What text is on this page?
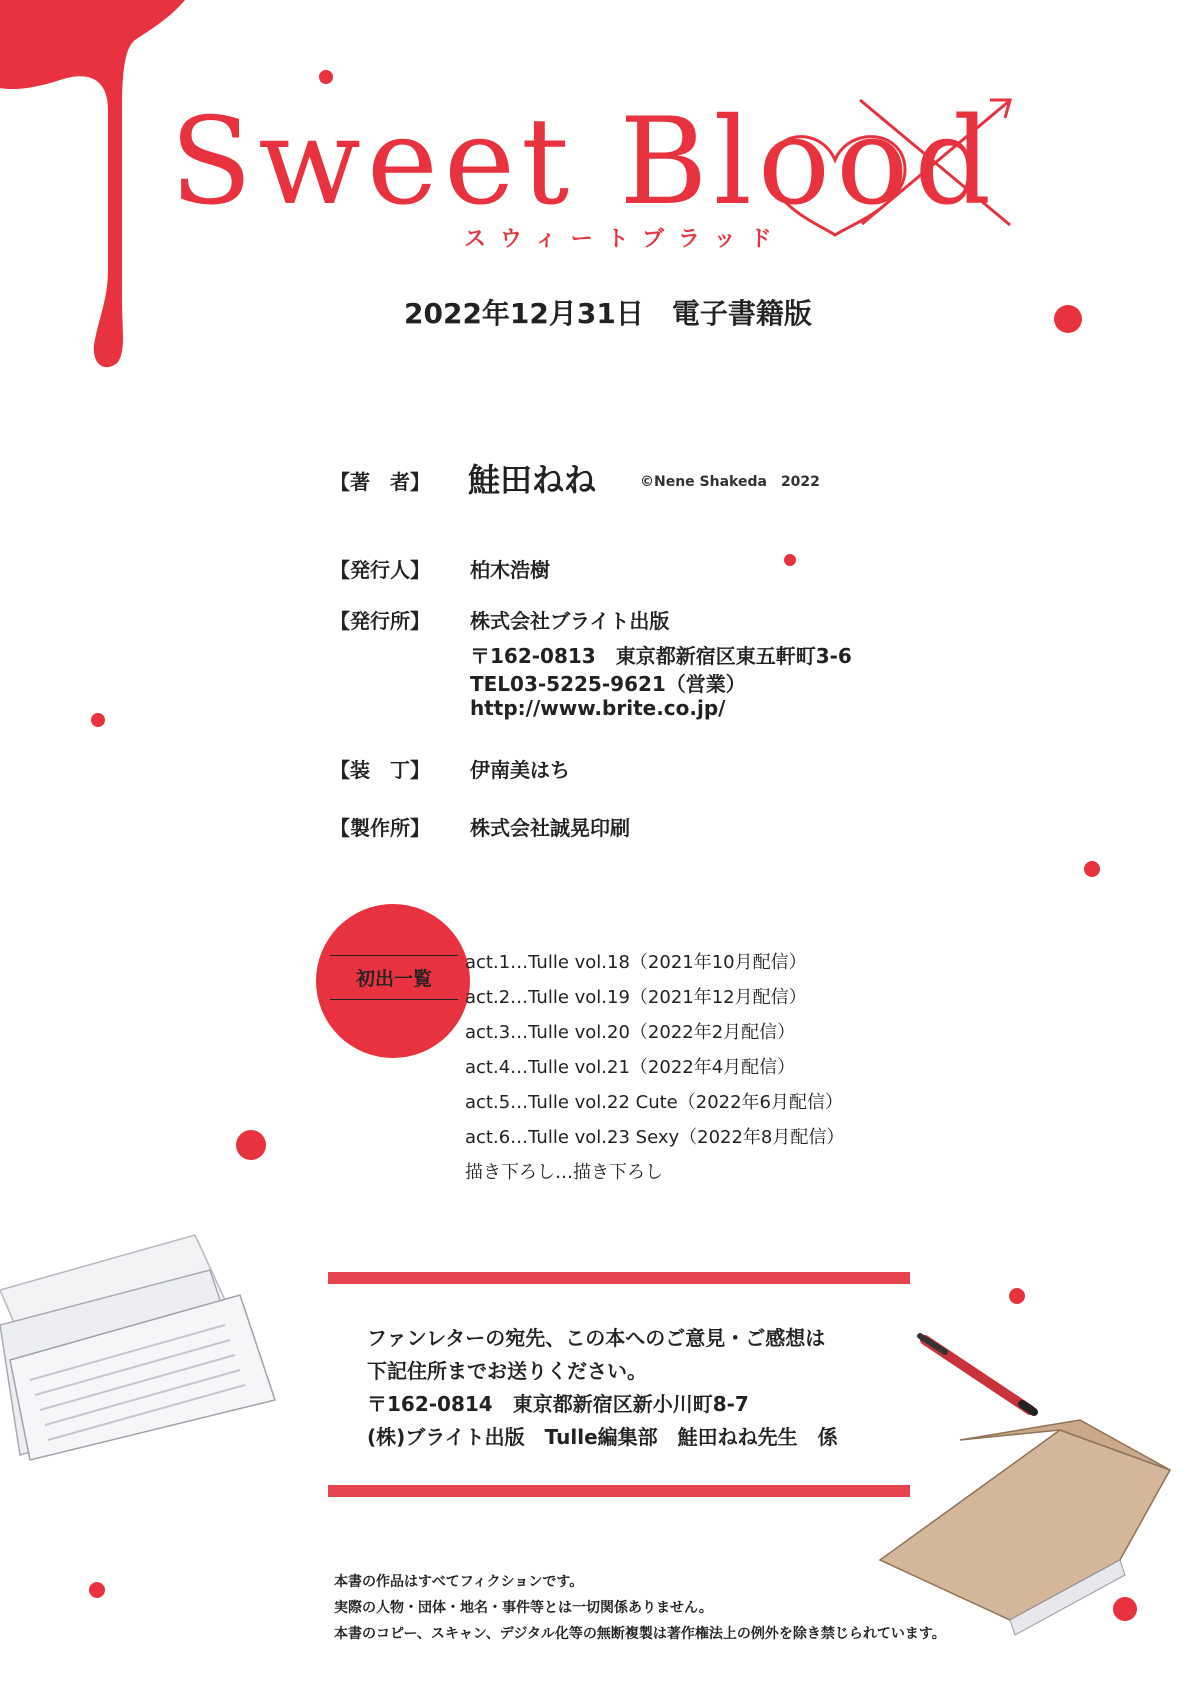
Sweet Blood
スウィートブラッド
2022年12月31日　電子書籍版
【著　者】 鮭田ねね	©Nene Shakeda　2022
【発行人】 柏木浩樹
【発行所】 株式会社ブライト出版
〒162-0813　東京都新宿区東五軒町3-6
TEL03-5225-9621（営業）
http://www.brite.co.jp/
【装　丁】 伊南美はち
【製作所】 株式会社誠晃印刷
初出一覧
act.1…Tulle vol.18（2021年10月配信）
act.2…Tulle vol.19（2021年12月配信）
act.3…Tulle vol.20（2022年2月配信）
act.4…Tulle vol.21（2022年4月配信）
act.5…Tulle vol.22 Cute（2022年6月配信）
act.6…Tulle vol.23 Sexy（2022年8月配信）
描き下ろし…描き下ろし
ファンレターの宛先、この本へのご意見・ご感想は
下記住所までお送りください。
〒162-0814　東京都新宿区新小川町8-7
(株)ブライト出版　Tulle編集部　鮭田ねね先生　係
本書の作品はすべてフィクションです。
実際の人物・団体・地名・事件等とは一切関係ありません。
本書のコピー、スキャン、デジタル化等の無断複製は著作権法上の例外を除き禁じられています。
